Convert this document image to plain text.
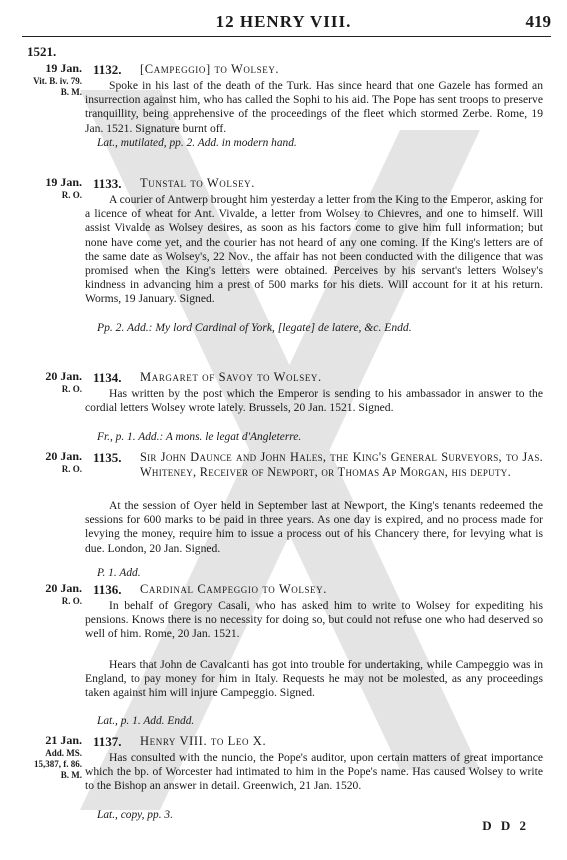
12 HENRY VIII.	419
1521.
19 Jan.
Vit. B. iv. 79.
B. M.
1132. [Campeggio] to Wolsey.
Spoke in his last of the death of the Turk. Has since heard that one Gazele has formed an insurrection against him, who has called the Sophi to his aid. The Pope has sent troops to preserve tranquillity, being apprehensive of the proceedings of the fleet which stormed Zerbe. Rome, 19 Jan. 1521. Signature burnt off.
Lat., mutilated, pp. 2. Add. in modern hand.
19 Jan.
R. O.
1133. Tunstal to Wolsey.
A courier of Antwerp brought him yesterday a letter from the King to the Emperor, asking for a licence of wheat for Ant. Vivalde, a letter from Wolsey to Chievres, and one to himself. Will assist Vivalde as Wolsey desires, as soon as his factors come to give him full information; but none have come yet, and the courier has not heard of any one coming. If the King's letters are of the same date as Wolsey's, 22 Nov., the affair has not been conducted with the diligence that was promised when the King's letters were obtained. Perceives by his servant's letters Wolsey's kindness in advancing him a prest of 500 marks for his diets. Will account for it at his return. Worms, 19 January. Signed.
Pp. 2. Add.: My lord Cardinal of York, [legate] de latere, &c. Endd.
20 Jan.
R. O.
1134. Margaret of Savoy to Wolsey.
Has written by the post which the Emperor is sending to his ambassador in answer to the cordial letters Wolsey wrote lately. Brussels, 20 Jan. 1521. Signed.
Fr., p. 1. Add.: A mons. le legat d'Angleterre.
20 Jan.
R. O.
1135. Sir John Daunce and John Hales, the King's General Surveyors, to Jas. Whiteney, Receiver of Newport, or Thomas Ap Morgan, his deputy.
At the session of Oyer held in September last at Newport, the King's tenants redeemed the sessions for 600 marks to be paid in three years. As one day is expired, and no process made for levying the money, require him to issue a process out of his Chancery there, for levying what is due. London, 20 Jan. Signed.
P. 1. Add.
20 Jan.
R. O.
1136. Cardinal Campeggio to Wolsey.
In behalf of Gregory Casali, who has asked him to write to Wolsey for expediting his pensions. Knows there is no necessity for doing so, but could not refuse one who had deserved so well of him. Rome, 20 Jan. 1521.
Hears that John de Cavalcanti has got into trouble for undertaking, while Campeggio was in England, to pay money for him in Italy. Requests he may not be molested, as any proceedings taken against him will injure Campeggio. Signed.
Lat., p. 1. Add. Endd.
21 Jan.
Add. MS.
15,387, f. 86.
B. M.
1137. Henry VIII. to Leo X.
Has consulted with the nuncio, the Pope's auditor, upon certain matters of great importance which the bp. of Worcester had intimated to him in the Pope's name. Has caused Wolsey to write to the Bishop an answer in detail. Greenwich, 21 Jan. 1520.
Lat., copy, pp. 3.
D D 2
